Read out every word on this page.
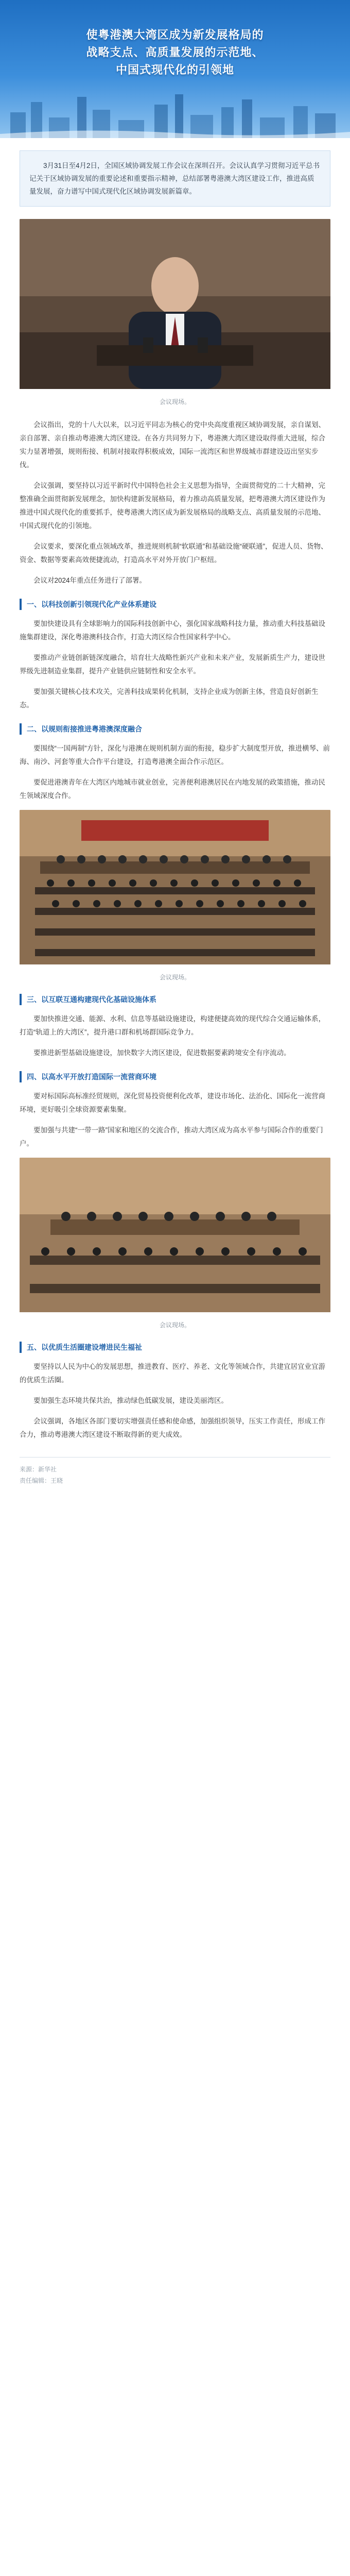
使粤港澳大湾区成为新发展格局的
战略支点、高质量发展的示范地、
中国式现代化的引领地
3月31日至4月2日，全国区域协调发展工作会议在深圳召开。会议认真学习贯彻习近平总书记关于区域协调发展的重要论述和重要指示精神，总结部署粤港澳大湾区建设工作，推进高质量发展，奋力谱写中国式现代化区域协调发展新篇章。
会议现场。

会议指出，党的十八大以来，以习近平同志为核心的党中央高度重视区域协调发展，亲自谋划、亲自部署、亲自推动粤港澳大湾区建设。在各方共同努力下，粤港澳大湾区建设取得重大进展，综合实力显著增强，规则衔接、机制对接取得积极成效，国际一流湾区和世界级城市群建设迈出坚实步伐。

会议强调，要坚持以习近平新时代中国特色社会主义思想为指导，全面贯彻党的二十大精神，完整准确全面贯彻新发展理念，加快构建新发展格局，着力推动高质量发展，把粤港澳大湾区建设作为推进中国式现代化的重要抓手，使粤港澳大湾区成为新发展格局的战略支点、高质量发展的示范地、中国式现代化的引领地。

会议要求，要深化重点领域改革，推进规则机制“软联通”和基础设施“硬联通”，促进人员、货物、资金、数据等要素高效便捷流动，打造高水平对外开放门户枢纽。

会议对2024年重点任务进行了部署。

一、以科技创新引领现代化产业体系建设

要加快建设具有全球影响力的国际科技创新中心，强化国家战略科技力量，推动重大科技基础设施集群建设，深化粤港澳科技合作，打造大湾区综合性国家科学中心。

要推动产业链创新链深度融合，培育壮大战略性新兴产业和未来产业，发展新质生产力，建设世界级先进制造业集群，提升产业链供应链韧性和安全水平。

要加强关键核心技术攻关，完善科技成果转化机制，支持企业成为创新主体，营造良好创新生态。

二、以规则衔接推进粤港澳深度融合

要围绕“一国两制”方针，深化与港澳在规则机制方面的衔接，稳步扩大制度型开放，推进横琴、前海、南沙、河套等重大合作平台建设，打造粤港澳全面合作示范区。

要促进港澳青年在大湾区内地城市就业创业，完善便利港澳居民在内地发展的政策措施，推动民生领域深度合作。

会议现场。
三、以互联互通构建现代化基础设施体系

要加快推进交通、能源、水利、信息等基础设施建设，构建便捷高效的现代综合交通运输体系，打造“轨道上的大湾区”，提升港口群和机场群国际竞争力。

要推进新型基础设施建设，加快数字大湾区建设，促进数据要素跨境安全有序流动。

四、以高水平开放打造国际一流营商环境

要对标国际高标准经贸规则，深化贸易投资便利化改革，建设市场化、法治化、国际化一流营商环境，更好吸引全球资源要素集聚。

要加强与共建“一带一路”国家和地区的交流合作，推动大湾区成为高水平参与国际合作的重要门户。

会议现场。
五、以优质生活圈建设增进民生福祉

要坚持以人民为中心的发展思想，推进教育、医疗、养老、文化等领域合作，共建宜居宜业宜游的优质生活圈。

要加强生态环境共保共治，推动绿色低碳发展，建设美丽湾区。

会议强调，各地区各部门要切实增强责任感和使命感，加强组织领导，压实工作责任，形成工作合力，推动粤港澳大湾区建设不断取得新的更大成效。

来源：新华社
责任编辑：王晓
